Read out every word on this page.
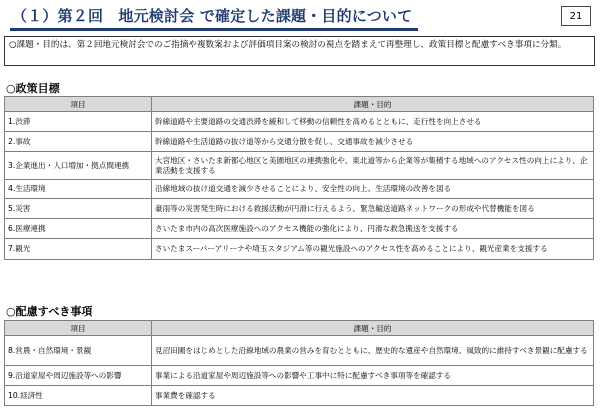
（１）第２回　地元検討会 で確定した課題・目的について	21
○課題・目的は、第２回地元検討会でのご指摘や複数案および評価項目案の検討の視点を踏まえて再整理し、政策目標と配慮すべき事項に分類。
○政策目標
項目	課題・目的
1.渋滞	幹線道路や主要道路の交通渋滞を緩和して移動の信頼性を高めるとともに、走行性を向上させる
2.事故	幹線道路や生活道路の抜け道等から交通分散を促し、交通事故を減少させる
3.企業進出・人口増加・拠点間連携	大宮地区・さいたま新都心地区と美園地区の連携強化や、東北道等から企業等が集積する地域へのアクセス性の向上により、企業活動を支援する
4.生活環境	沿線地域の抜け道交通を減少させることにより、安全性の向上、生活環境の改善を図る
5.災害	豪雨等の災害発生時における救援活動が円滑に行えるよう、緊急輸送道路ネットワークの形成や代替機能を図る
6.医療連携	さいたま市内の高次医療施設へのアクセス機能の強化により、円滑な救急搬送を支援する
7.観光	さいたまスーパーアリーナや埼玉スタジアム等の観光施設へのアクセス性を高めることにより、観光産業を支援する
○配慮すべき事項
項目	課題・目的
8.営農・自然環境・景観	見沼田圃をはじめとした沿線地域の農業の営みを育むとともに、歴史的な遺産や自然環境、風致的に維持すべき景観に配慮する
9.沿道家屋や周辺施設等への影響	事業による沿道家屋や周辺施設等への影響や工事中に特に配慮すべき事項等を確認する
10.経済性	事業費を確認する
